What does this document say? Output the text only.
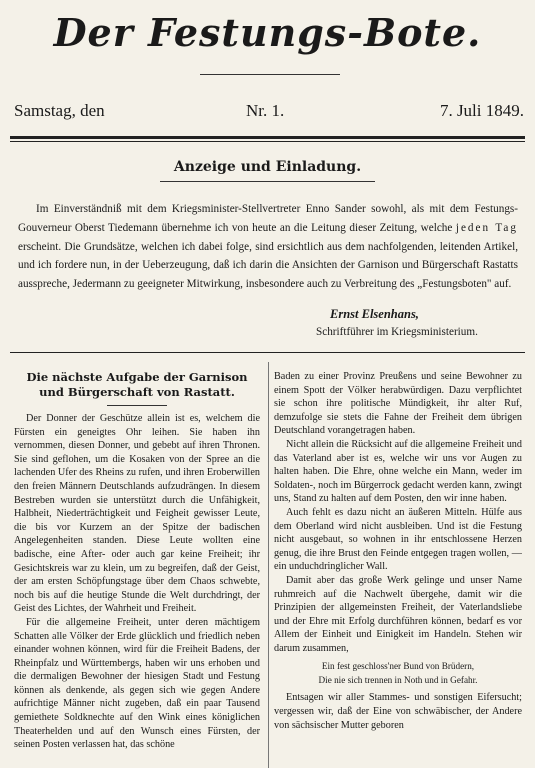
Der Festungs-Bote.
Samstag, den	Nr. 1.	7. Juli 1849.
Anzeige und Einladung.

Im Einverständniß mit dem Kriegsminister-Stellvertreter Enno Sander sowohl, als mit dem Festungs-Gouverneur Oberst Tiedemann übernehme ich von heute an die Leitung dieser Zeitung, welche jeden Tag erscheint. Die Grundsätze, welchen ich dabei folge, sind ersichtlich aus dem nachfolgenden, leitenden Artikel, und ich fordere nun, in der Ueberzeugung, daß ich darin die Ansichten der Garnison und Bürgerschaft Rastatts ausspreche, Jedermann zu geeigneter Mitwirkung, insbesondere auch zu Verbreitung des „Festungsboten" auf.

Ernst Elsenhans,
Schriftführer im Kriegsministerium.
Die nächste Aufgabe der Garnison und Bürgerschaft von Rastatt.

Der Donner der Geschütze allein ist es, welchem die Fürsten ein geneigtes Ohr leihen. Sie haben ihn vernommen, diesen Donner, und gebebt auf ihren Thronen. Sie sind geflohen, um die Kosaken von der Spree an die lachenden Ufer des Rheins zu rufen, und ihren Eroberwillen den freien Männern Deutschlands aufzudrängen. In diesem Bestreben wurden sie unterstützt durch die Unfähigkeit, Halbheit, Niederträchtigkeit und Feigheit gewisser Leute, die bis vor Kurzem an der Spitze der badischen Angelegenheiten standen. Diese Leute wollten eine badische, eine After- oder auch gar keine Freiheit; ihr Gesichtskreis war zu klein, um zu begreifen, daß der Geist, der am ersten Schöpfungstage über dem Chaos schwebte, noch bis auf die heutige Stunde die Welt durchdringt, der Geist des Lichtes, der Wahrheit und Freiheit.

Für die allgemeine Freiheit, unter deren mächtigem Schatten alle Völker der Erde glücklich und friedlich neben einander wohnen können, wird für die Freiheit Badens, der Rheinpfalz und Württembergs, haben wir uns erhoben und die dermaligen Bewohner der hiesigen Stadt und Festung können als denkende, als gegen sich wie gegen Andere aufrichtige Männer nicht zugeben, daß ein paar Tausend gemiethete Soldknechte auf den Wink eines königlichen Theaterhelden und auf den Wunsch eines Fürsten, der seinen Posten verlassen hat, das schöne

Baden zu einer Provinz Preußens und seine Bewohner zu einem Spott der Völker herabwürdigen. Dazu verpflichtet sie schon ihre politische Mündigkeit, ihr alter Ruf, demzufolge sie stets die Fahne der Freiheit dem übrigen Deutschland vorangetragen haben.

Nicht allein die Rücksicht auf die allgemeine Freiheit und das Vaterland aber ist es, welche wir uns vor Augen zu halten haben. Die Ehre, ohne welche ein Mann, weder im Soldaten-, noch im Bürgerrock gedacht werden kann, zwingt uns, Stand zu halten auf dem Posten, den wir inne haben.

Auch fehlt es dazu nicht an äußeren Mitteln. Hülfe aus dem Oberland wird nicht ausbleiben. Und ist die Festung nicht ausgebaut, so wohnen in ihr entschlossene Herzen genug, die ihre Brust den Feinde entgegen tragen wollen, — ein unduchdringlicher Wall.

Damit aber das große Werk gelinge und unser Name ruhmreich auf die Nachwelt übergehe, damit wir die Prinzipien der allgemeinsten Freiheit, der Vaterlandsliebe und der Ehre mit Erfolg durchführen können, bedarf es vor Allem der Einheit und Einigkeit im Handeln. Stehen wir darum zusammen,

Ein fest geschloss'ner Bund von Brüdern,
Die nie sich trennen in Noth und in Gefahr.

Entsagen wir aller Stammes- und sonstigen Eifersucht; vergessen wir, daß der Eine von schwäbischer, der Andere von sächsischer Mutter geboren
